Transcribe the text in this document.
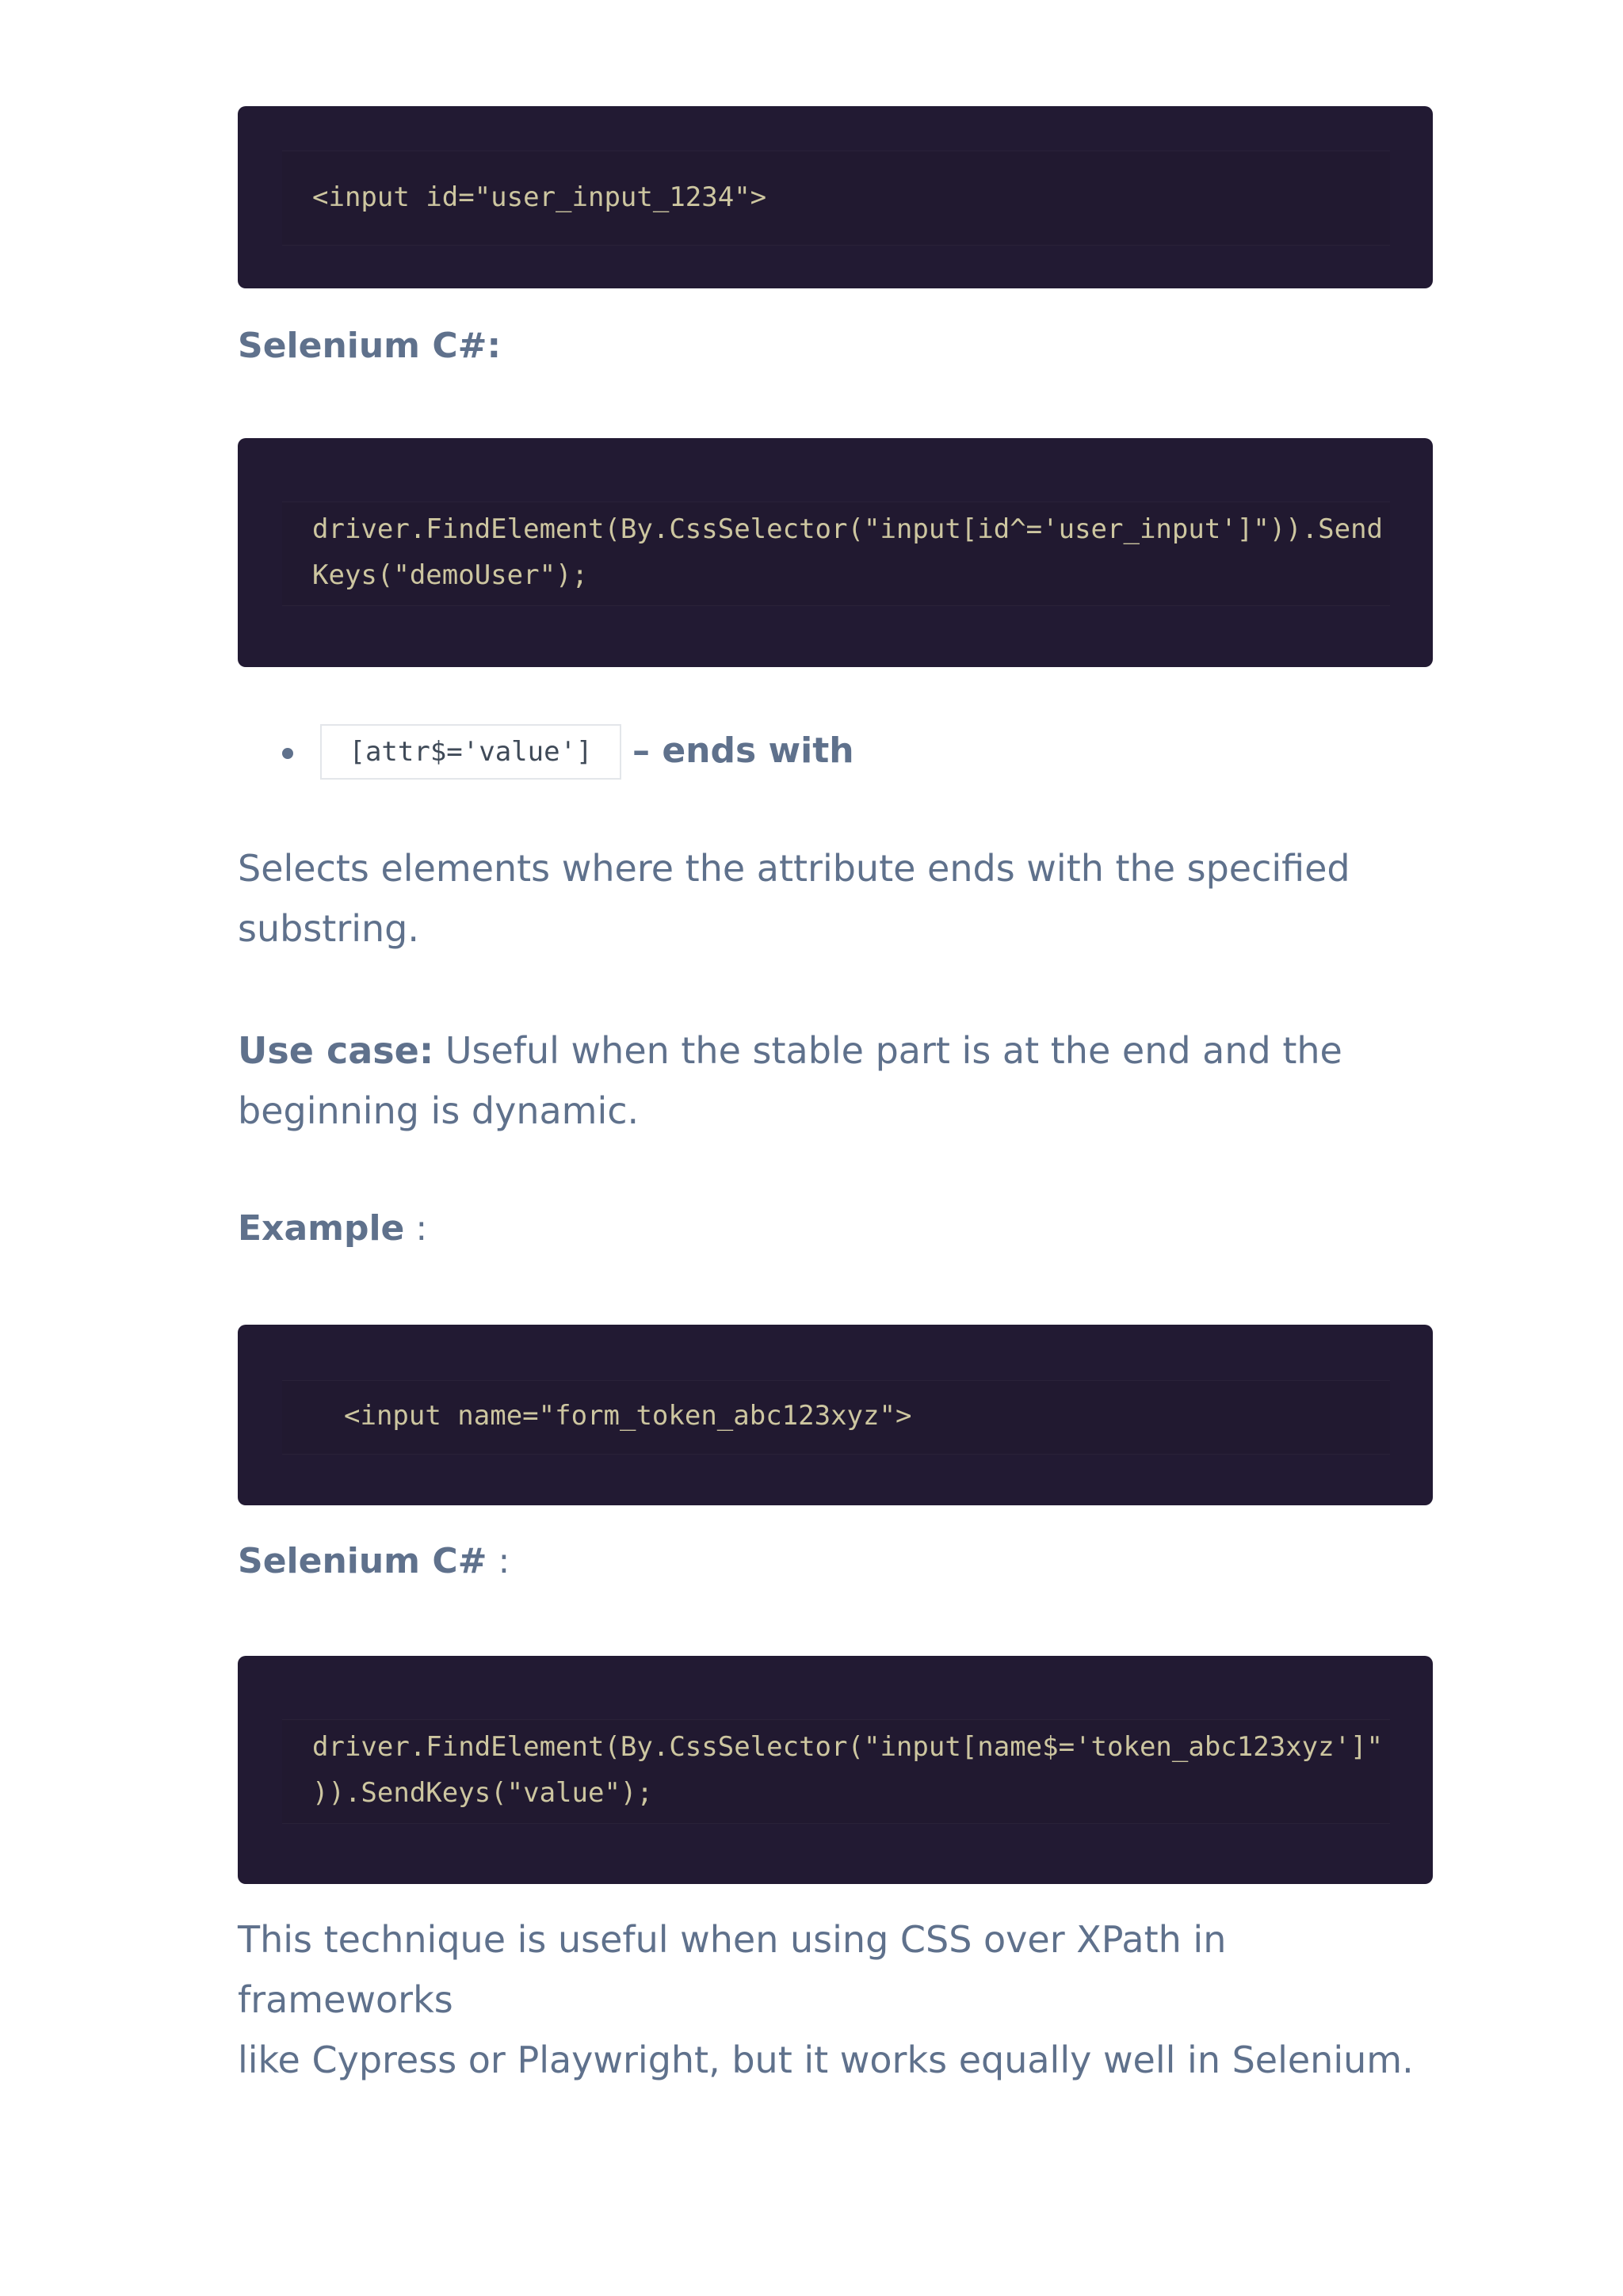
<input id="user_input_1234">

Selenium C#:

driver.FindElement(By.CssSelector("input[id^='user_input']")).Send
Keys("demoUser");
[attr$='value']	– ends with

Selects elements where the attribute ends with the specified
substring.

Use case: Useful when the stable part is at the end and the
beginning is dynamic.

Example :

<input name="form_token_abc123xyz">

Selenium C# :

driver.FindElement(By.CssSelector("input[name$='token_abc123xyz']"
)).SendKeys("value");

This technique is useful when using CSS over XPath in frameworks
like Cypress or Playwright, but it works equally well in Selenium.
